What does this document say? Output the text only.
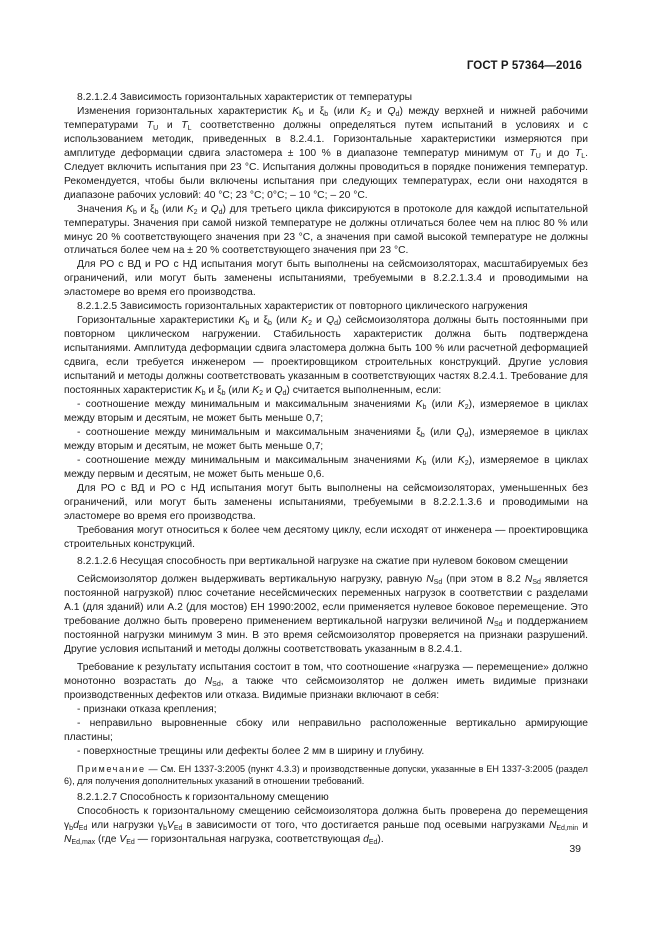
ГОСТ Р 57364—2016

8.2.1.2.4 Зависимость горизонтальных характеристик от температуры

Изменения горизонтальных характеристик $K_b$ и $\xi_b$ (или $K_2$ и $Q_d$) между верхней и нижней рабочими температурами $T_U$ и $T_L$ соответственно должны определяться путем испытаний в условиях и с использованием методик, приведенных в 8.2.4.1. Горизонтальные характеристики измеряются при амплитуде деформации сдвига эластомера ± 100 % в диапазоне температур минимум от $T_U$ и до $T_L$. Следует включить испытания при 23 °С. Испытания должны проводиться в порядке понижения температур. Рекомендуется, чтобы были включены испытания при следующих температурах, если они находятся в диапазоне рабочих условий: 40 °С; 23 °С; 0°С; – 10 °С; – 20 °С.

Значения $K_b$ и $\xi_b$ (или $K_2$ и $Q_d$) для третьего цикла фиксируются в протоколе для каждой испытательной температуры. Значения при самой низкой температуре не должны отличаться более чем на плюс 80 % или минус 20 % соответствующего значения при 23 °С, а значения при самой высокой температуре не должны отличаться более чем на ± 20 % соответствующего значения при 23 °С.

Для РО с ВД и РО с НД испытания могут быть выполнены на сейсмоизоляторах, масштабируемых без ограничений, или могут быть заменены испытаниями, требуемыми в 8.2.2.1.3.4 и проводимыми на эластомере во время его производства.

8.2.1.2.5 Зависимость горизонтальных характеристик от повторного циклического нагружения

Горизонтальные характеристики $K_b$ и $\xi_b$ (или $K_2$ и $Q_d$) сейсмоизолятора должны быть постоянными при повторном циклическом нагружении. Стабильность характеристик должна быть подтверждена испытаниями. Амплитуда деформации сдвига эластомера должна быть 100 % или расчетной деформацией сдвига, если требуется инженером — проектировщиком строительных конструкций. Другие условия испытаний и методы должны соответствовать указанным в соответствующих частях 8.2.4.1. Требование для постоянных характеристик $K_b$ и $\xi_b$ (или $K_2$ и $Q_d$) считается выполненным, если:

- соотношение между минимальным и максимальным значениями $K_b$ (или $K_2$), измеряемое в циклах между вторым и десятым, не может быть меньше 0,7;

- соотношение между минимальным и максимальным значениями $\xi_b$ (или $Q_d$), измеряемое в циклах между вторым и десятым, не может быть меньше 0,7;

- соотношение между минимальным и максимальным значениями $K_b$ (или $K_2$), измеряемое в циклах между первым и десятым, не может быть меньше 0,6.

Для РО с ВД и РО с НД испытания могут быть выполнены на сейсмоизоляторах, уменьшенных без ограничений, или могут быть заменены испытаниями, требуемыми в 8.2.2.1.3.6 и проводимыми на эластомере во время его производства.

Требования могут относиться к более чем десятому циклу, если исходят от инженера — проектировщика строительных конструкций.

8.2.1.2.6 Несущая способность при вертикальной нагрузке на сжатие при нулевом боковом смещении

Сейсмоизолятор должен выдерживать вертикальную нагрузку, равную $N_{Sd}$ (при этом в 8.2 $N_{Sd}$ является постоянной нагрузкой) плюс сочетание несейсмических переменных нагрузок в соответствии с разделами А.1 (для зданий) или А.2 (для мостов) ЕН 1990:2002, если применяется нулевое боковое перемещение. Это требование должно быть проверено применением вертикальной нагрузки величиной $N_{Sd}$ и поддержанием постоянной нагрузки минимум 3 мин. В это время сейсмоизолятор проверяется на признаки разрушений. Другие условия испытаний и методы должны соответствовать указанным в 8.2.4.1.

Требование к результату испытания состоит в том, что соотношение «нагрузка — перемещение» должно монотонно возрастать до $N_{Sd}$, а также что сейсмоизолятор не должен иметь видимые признаки производственных дефектов или отказа. Видимые признаки включают в себя:

- признаки отказа крепления;

- неправильно выровненные сбоку или неправильно расположенные вертикально армирующие пластины;

- поверхностные трещины или дефекты более 2 мм в ширину и глубину.

Примечание — См. ЕН 1337-3:2005 (пункт 4.3.3) и производственные допуски, указанные в ЕН 1337-3:2005 (раздел 6), для получения дополнительных указаний в отношении требований.

8.2.1.2.7 Способность к горизонтальному смещению

Способность к горизонтальному смещению сейсмоизолятора должна быть проверена до перемещения $\gamma_bd_{Ed}$ или нагрузки $\gamma_bV_{Ed}$ в зависимости от того, что достигается раньше под осевыми нагрузками $N_{Ed,min}$ и $N_{Ed,max}$ (где $V_{Ed}$ — горизонтальная нагрузка, соответствующая $d_{Ed}$).

39
